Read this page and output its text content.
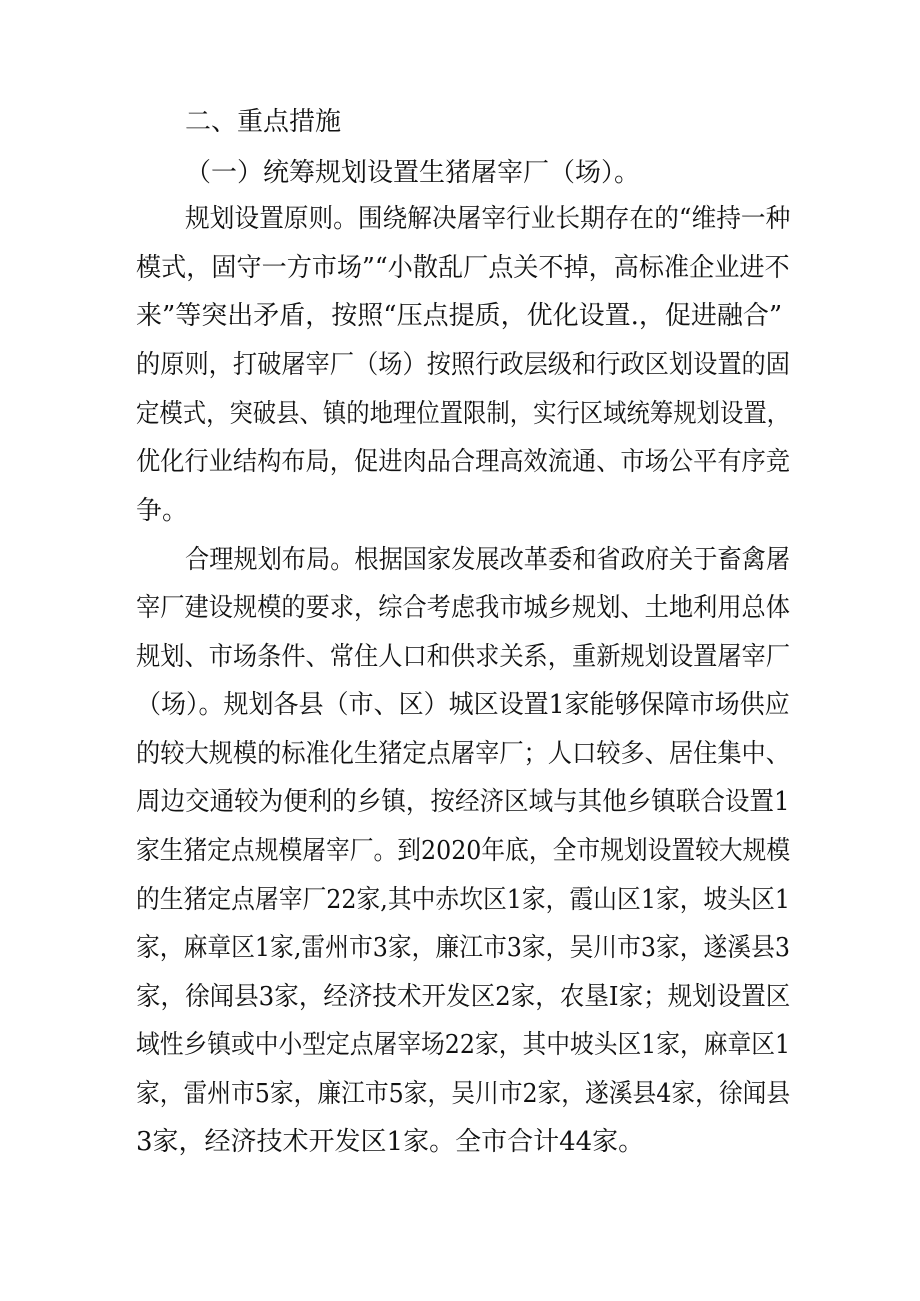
二、重点措施
（一）统筹规划设置生猪屠宰厂（场）。
规划设置原则。围绕解决屠宰行业长期存在的“维持一种
模式，固守一方市场”“小散乱厂点关不掉，高标准企业进不
来”等突出矛盾，按照“压点提质，优化设置.，促进融合”
的原则，打破屠宰厂（场）按照行政层级和行政区划设置的固
定模式，突破县、镇的地理位置限制，实行区域统筹规划设置，
优化行业结构布局，促进肉品合理高效流通、市场公平有序竞
争。
合理规划布局。根据国家发展改革委和省政府关于畜禽屠
宰厂建设规模的要求，综合考虑我市城乡规划、土地利用总体
规划、市场条件、常住人口和供求关系，重新规划设置屠宰厂
（场）。规划各县（市、区）城区设置1家能够保障市场供应
的较大规模的标准化生猪定点屠宰厂；人口较多、居住集中、
周边交通较为便利的乡镇，按经济区域与其他乡镇联合设置1
家生猪定点规模屠宰厂。到2020年底，全市规划设置较大规模
的生猪定点屠宰厂22家,其中赤坎区1家，霞山区1家，坡头区1
家，麻章区1家,雷州市3家，廉江市3家，吴川市3家，遂溪县3
家，徐闻县3家，经济技术开发区2家，农垦I家；规划设置区
域性乡镇或中小型定点屠宰场22家，其中坡头区1家，麻章区1
家，雷州市5家，廉江市5家，吴川市2家，遂溪县4家，徐闻县
3家，经济技术开发区1家。全市合计44家。
